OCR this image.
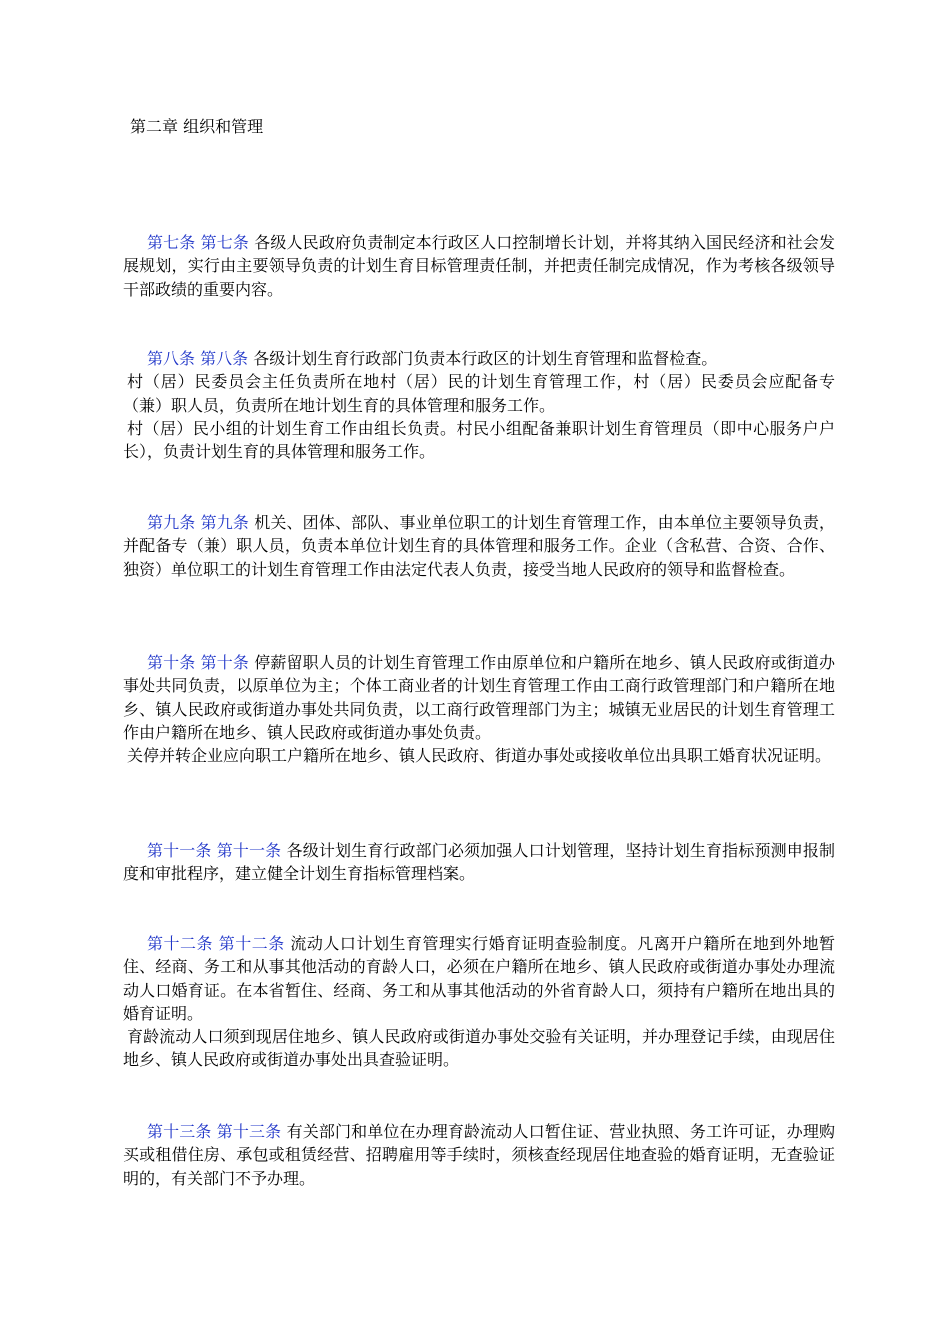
第二章 组织和管理

第七条 第七条 各级人民政府负责制定本行政区人口控制增长计划，并将其纳入国民经济和社会发展规划，实行由主要领导负责的计划生育目标管理责任制，并把责任制完成情况，作为考核各级领导干部政绩的重要内容。

第八条 第八条 各级计划生育行政部门负责本行政区的计划生育管理和监督检查。

村（居）民委员会主任负责所在地村（居）民的计划生育管理工作，村（居）民委员会应配备专（兼）职人员，负责所在地计划生育的具体管理和服务工作。

村（居）民小组的计划生育工作由组长负责。村民小组配备兼职计划生育管理员（即中心服务户户长），负责计划生育的具体管理和服务工作。

第九条 第九条 机关、团体、部队、事业单位职工的计划生育管理工作，由本单位主要领导负责，并配备专（兼）职人员，负责本单位计划生育的具体管理和服务工作。企业（含私营、合资、合作、独资）单位职工的计划生育管理工作由法定代表人负责，接受当地人民政府的领导和监督检查。

第十条 第十条 停薪留职人员的计划生育管理工作由原单位和户籍所在地乡、镇人民政府或街道办事处共同负责，以原单位为主；个体工商业者的计划生育管理工作由工商行政管理部门和户籍所在地乡、镇人民政府或街道办事处共同负责，以工商行政管理部门为主；城镇无业居民的计划生育管理工作由户籍所在地乡、镇人民政府或街道办事处负责。

关停并转企业应向职工户籍所在地乡、镇人民政府、街道办事处或接收单位出具职工婚育状况证明。

第十一条 第十一条 各级计划生育行政部门必须加强人口计划管理，坚持计划生育指标预测申报制度和审批程序，建立健全计划生育指标管理档案。

第十二条 第十二条 流动人口计划生育管理实行婚育证明查验制度。凡离开户籍所在地到外地暂住、经商、务工和从事其他活动的育龄人口，必须在户籍所在地乡、镇人民政府或街道办事处办理流动人口婚育证。在本省暂住、经商、务工和从事其他活动的外省育龄人口，须持有户籍所在地出具的婚育证明。

育龄流动人口须到现居住地乡、镇人民政府或街道办事处交验有关证明，并办理登记手续，由现居住地乡、镇人民政府或街道办事处出具查验证明。

第十三条 第十三条 有关部门和单位在办理育龄流动人口暂住证、营业执照、务工许可证，办理购买或租借住房、承包或租赁经营、招聘雇用等手续时，须核查经现居住地查验的婚育证明，无查验证明的，有关部门不予办理。
